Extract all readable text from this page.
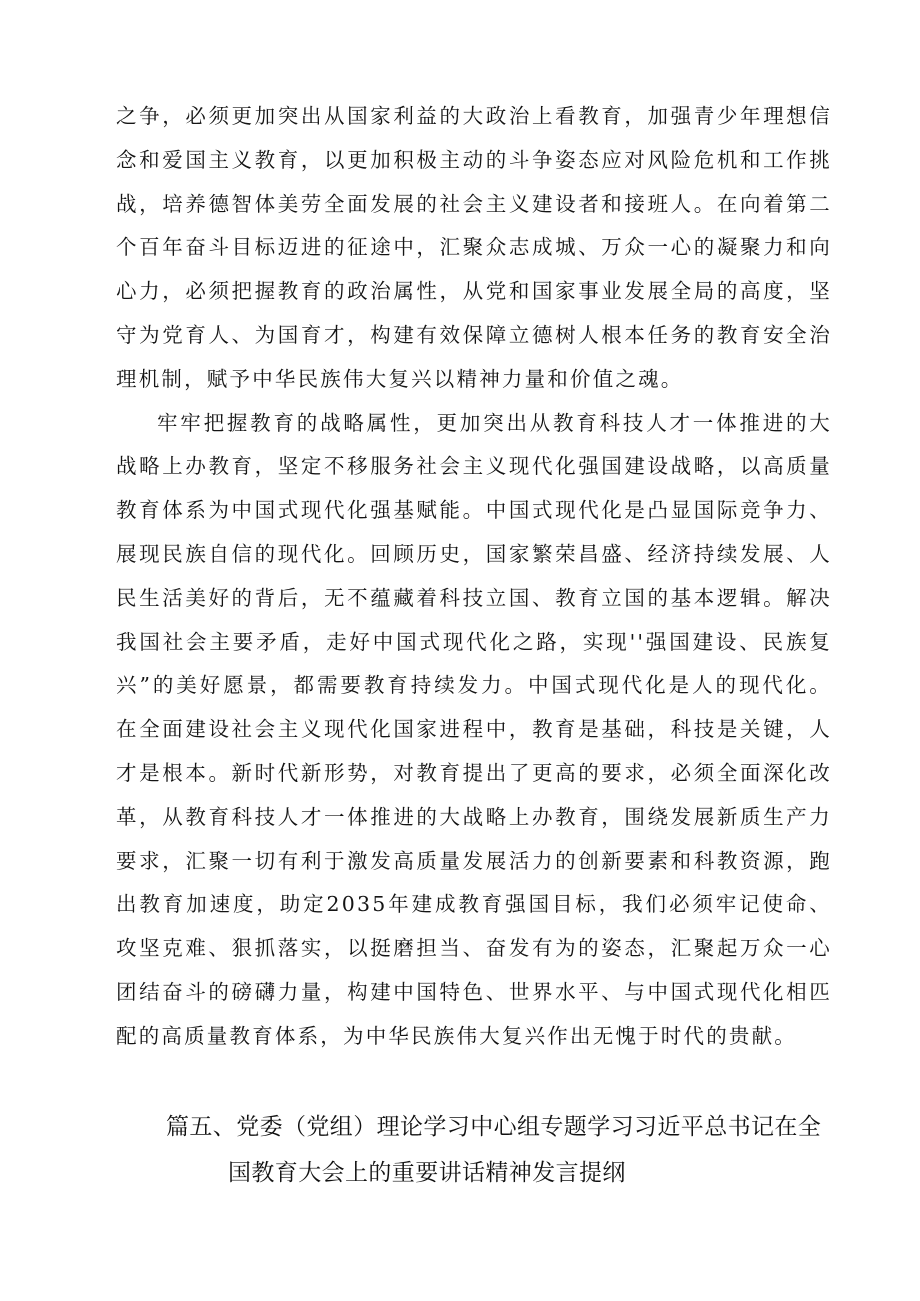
之争，必须更加突出从国家利益的大政治上看教育，加强青少年理想信念和爱国主义教育，以更加积极主动的斗争姿态应对风险危机和工作挑战，培养德智体美劳全面发展的社会主义建设者和接班人。在向着第二个百年奋斗目标迈进的征途中，汇聚众志成城、万众一心的凝聚力和向心力，必须把握教育的政治属性，从党和国家事业发展全局的高度，坚守为党育人、为国育才，构建有效保障立德树人根本任务的教育安全治理机制，赋予中华民族伟大复兴以精神力量和价值之魂。

牢牢把握教育的战略属性，更加突出从教育科技人才一体推进的大战略上办教育，坚定不移服务社会主义现代化强国建设战略，以高质量教育体系为中国式现代化强基赋能。中国式现代化是凸显国际竞争力、展现民族自信的现代化。回顾历史，国家繁荣昌盛、经济持续发展、人民生活美好的背后，无不蕴藏着科技立国、教育立国的基本逻辑。解决我国社会主要矛盾，走好中国式现代化之路，实现''强国建设、民族复兴”的美好愿景，都需要教育持续发力。中国式现代化是人的现代化。在全面建设社会主义现代化国家进程中，教育是基础，科技是关键，人才是根本。新时代新形势，对教育提出了更高的要求，必须全面深化改革，从教育科技人才一体推进的大战略上办教育，围绕发展新质生产力要求，汇聚一切有利于激发高质量发展活力的创新要素和科教资源，跑出教育加速度，助定2035年建成教育强国目标，我们必须牢记使命、攻坚克难、狠抓落实，以挺磨担当、奋发有为的姿态，汇聚起万众一心团结奋斗的磅礴力量，构建中国特色、世界水平、与中国式现代化相匹配的高质量教育体系，为中华民族伟大复兴作出无愧于时代的贵献。

篇五、党委（党组）理论学习中心组专题学习习近平总书记在全
国教育大会上的重要讲话精神发言提纲
